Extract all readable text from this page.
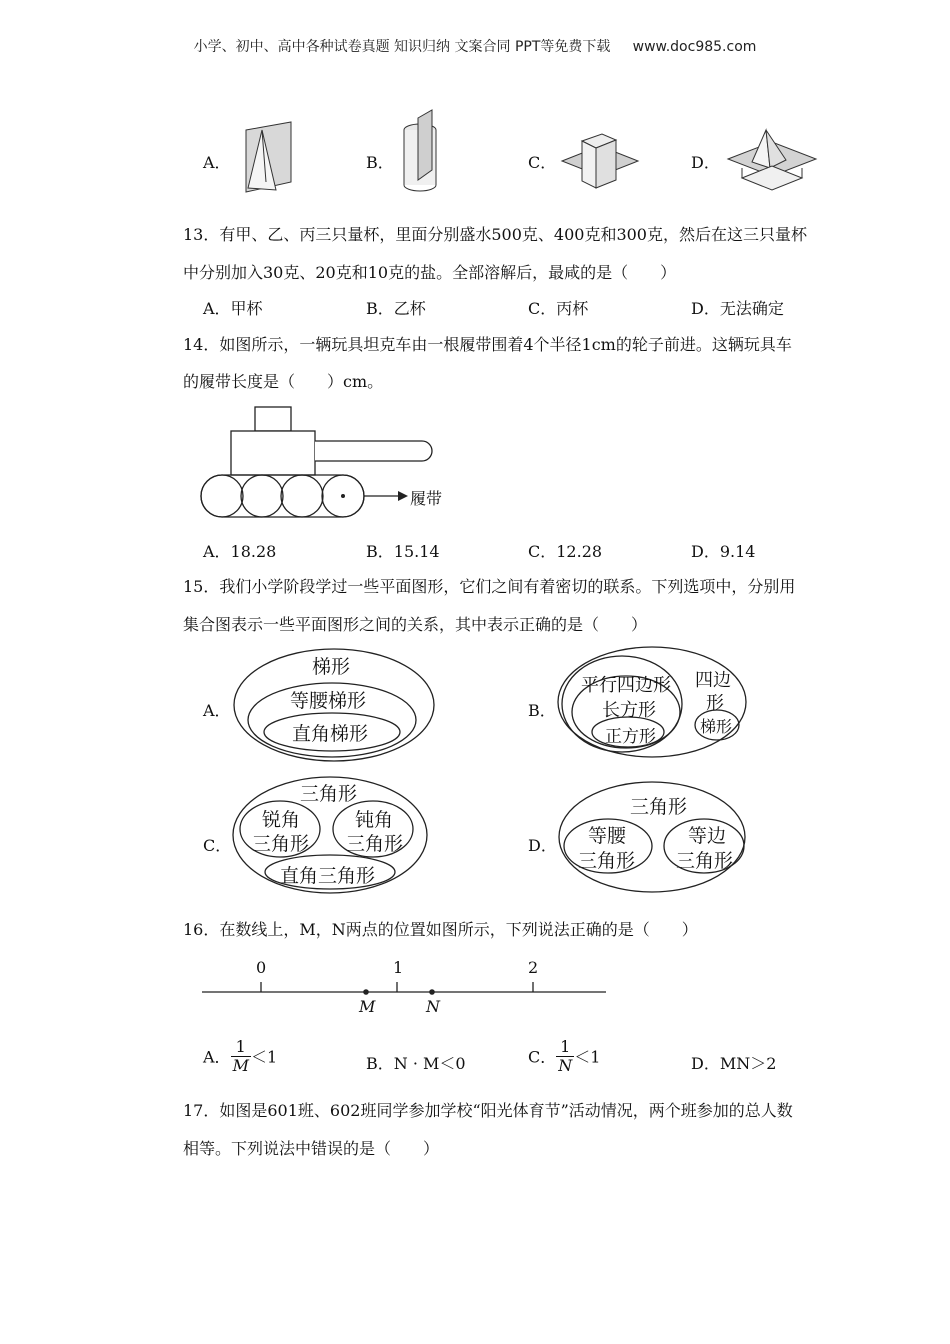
小学、初中、高中各种试卷真题 知识归纳 文案合同 PPT等免费下载 www.doc985.com
A．	B．	C．	D．
13．有甲、乙、丙三只量杯，里面分别盛水500克、400克和300克，然后在这三只量杯
中分别加入30克、20克和10克的盐。全部溶解后，最咸的是（　　）
A．甲杯	B．乙杯	C．丙杯	D．无法确定
14．如图所示，一辆玩具坦克车由一根履带围着4个半径1cm的轮子前进。这辆玩具车
的履带长度是（　　）cm。
履带
A．18.28	B．15.14	C．12.28	D．9.14
15．我们小学阶段学过一些平面图形，它们之间有着密切的联系。下列选项中，分别用
集合图表示一些平面图形之间的关系，其中表示正确的是（　　）
A．
梯形
等腰梯形
直角梯形
B．
四边
形
平行四边形
长方形
正方形
梯形
C．
三角形
锐角
三角形
钝角
三角形
直角三角形
D．
三角形
等腰
三角形
等边
三角形
16．在数线上，M，N两点的位置如图所示，下列说法正确的是（　　）
0	1	2
M	N
A． $\frac{1}{M} <1$	B．N · M＜0	C． $\frac{1}{N} <1$	D．MN＞2
17．如图是601班、602班同学参加学校“阳光体育节”活动情况，两个班参加的总人数
相等。下列说法中错误的是（　　）
